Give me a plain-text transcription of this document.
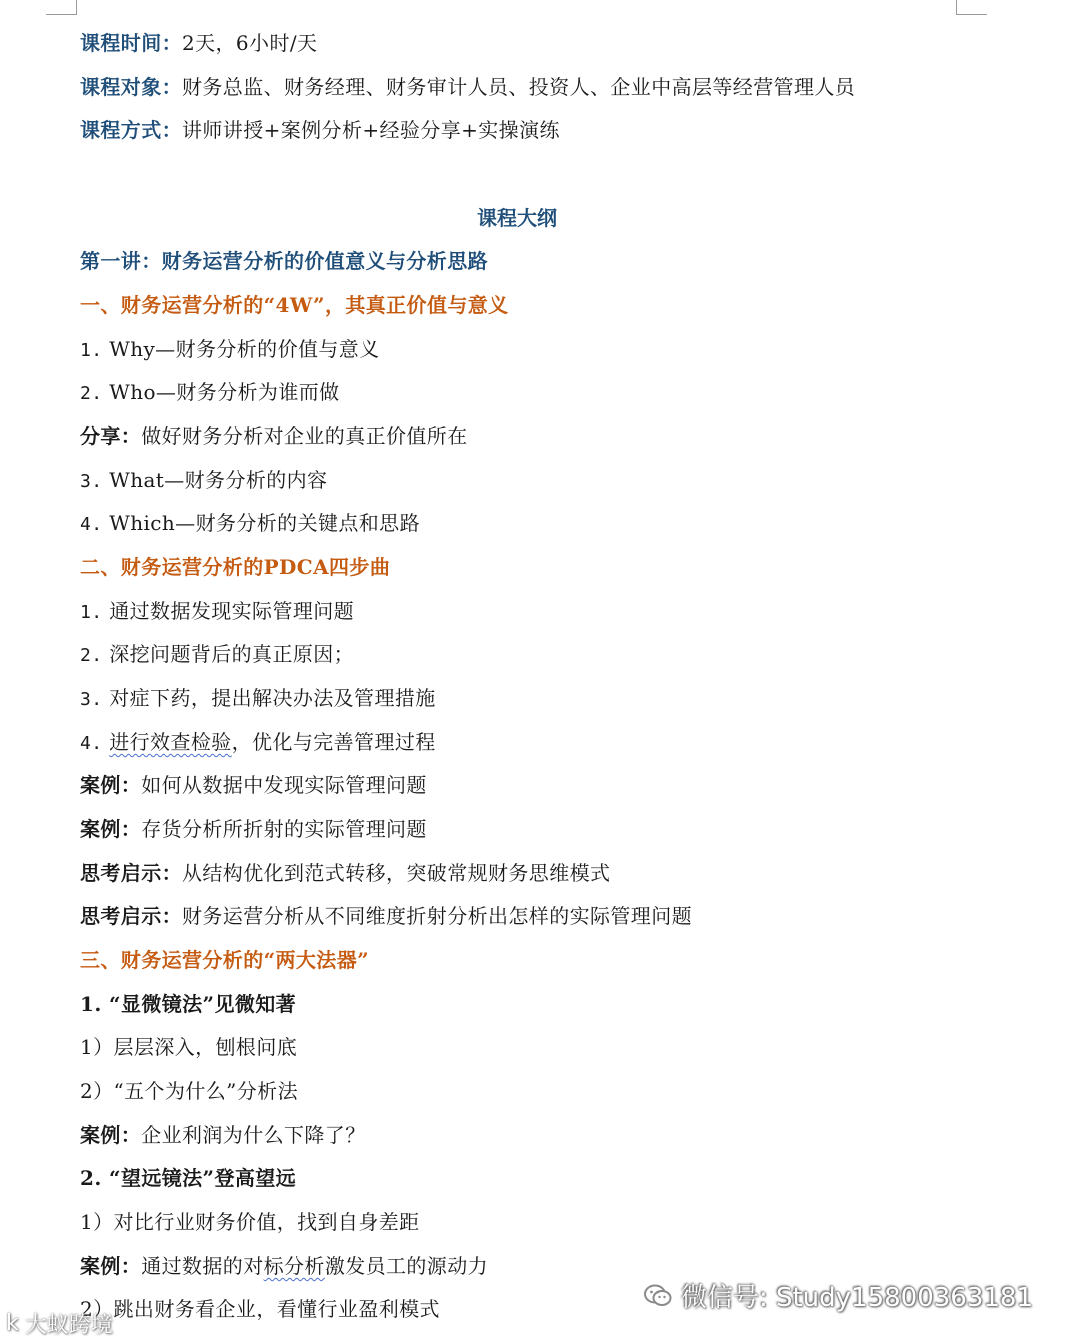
课程时间：2天，6小时/天

课程对象：财务总监、财务经理、财务审计人员、投资人、企业中高层等经营管理人员

课程方式：讲师讲授+案例分析+经验分享+实操演练

课程大纲

第一讲：财务运营分析的价值意义与分析思路

一、财务运营分析的“4W”，其真正价值与意义

1. Why—财务分析的价值与意义

2. Who—财务分析为谁而做

分享：做好财务分析对企业的真正价值所在

3. What—财务分析的内容

4. Which—财务分析的关键点和思路

二、财务运营分析的PDCA四步曲

1. 通过数据发现实际管理问题

2. 深挖问题背后的真正原因；

3. 对症下药，提出解决办法及管理措施

4. 进行效查检验，优化与完善管理过程

案例：如何从数据中发现实际管理问题

案例：存货分析所折射的实际管理问题

思考启示：从结构优化到范式转移，突破常规财务思维模式

思考启示：财务运营分析从不同维度折射分析出怎样的实际管理问题

三、财务运营分析的“两大法器”

1. “显微镜法”见微知著

1）层层深入，刨根问底

2）“五个为什么”分析法

案例：企业利润为什么下降了？

2. “望远镜法”登高望远

1）对比行业财务价值，找到自身差距

案例：通过数据的对标分析激发员工的源动力

2）跳出财务看企业，看懂行业盈利模式	微信号: Study15800363181
k 大蚁跨境
